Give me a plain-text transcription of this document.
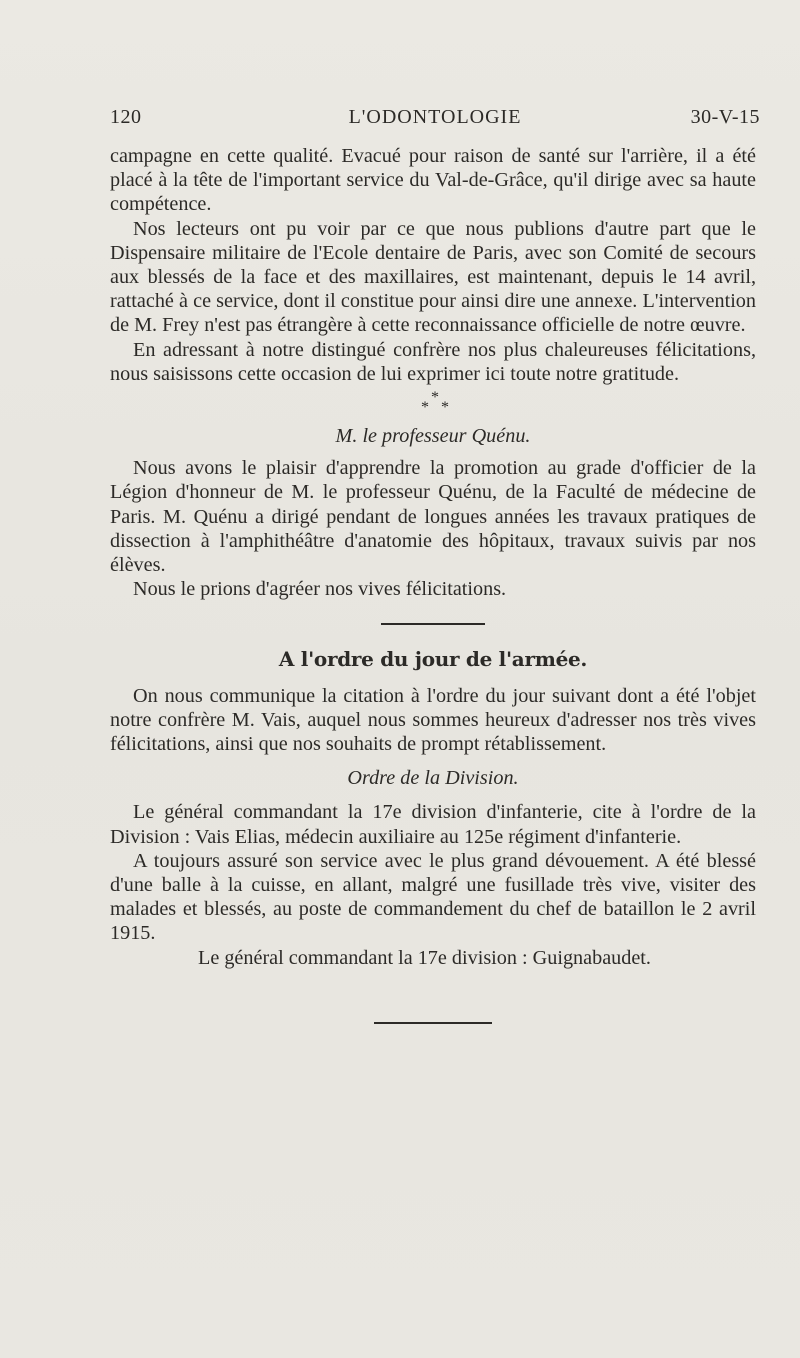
120	L'ODONTOLOGIE	30-V-15

campagne en cette qualité. Evacué pour raison de santé sur l'arrière, il a été placé à la tête de l'important service du Val-de-Grâce, qu'il dirige avec sa haute compétence.

Nos lecteurs ont pu voir par ce que nous publions d'autre part que le Dispensaire militaire de l'Ecole dentaire de Paris, avec son Comité de secours aux blessés de la face et des maxillaires, est maintenant, depuis le 14 avril, rattaché à ce service, dont il constitue pour ainsi dire une annexe. L'intervention de M. Frey n'est pas étrangère à cette reconnaissance officielle de notre œuvre.

En adressant à notre distingué confrère nos plus chaleureuses félicitations, nous saisissons cette occasion de lui exprimer ici toute notre gratitude.

*
* *

M. le professeur Quénu.

Nous avons le plaisir d'apprendre la promotion au grade d'officier de la Légion d'honneur de M. le professeur Quénu, de la Faculté de médecine de Paris. M. Quénu a dirigé pendant de longues années les travaux pratiques de dissection à l'amphithéâtre d'anatomie des hôpitaux, travaux suivis par nos élèves.

Nous le prions d'agréer nos vives félicitations.

A l'ordre du jour de l'armée.

On nous communique la citation à l'ordre du jour suivant dont a été l'objet notre confrère M. Vais, auquel nous sommes heureux d'adresser nos très vives félicitations, ainsi que nos souhaits de prompt rétablissement.

Ordre de la Division.

Le général commandant la 17e division d'infanterie, cite à l'ordre de la Division : Vais Elias, médecin auxiliaire au 125e régiment d'infanterie.

A toujours assuré son service avec le plus grand dévouement. A été blessé d'une balle à la cuisse, en allant, malgré une fusillade très vive, visiter des malades et blessés, au poste de commandement du chef de bataillon le 2 avril 1915.

Le général commandant la 17e division : Guignabaudet.
